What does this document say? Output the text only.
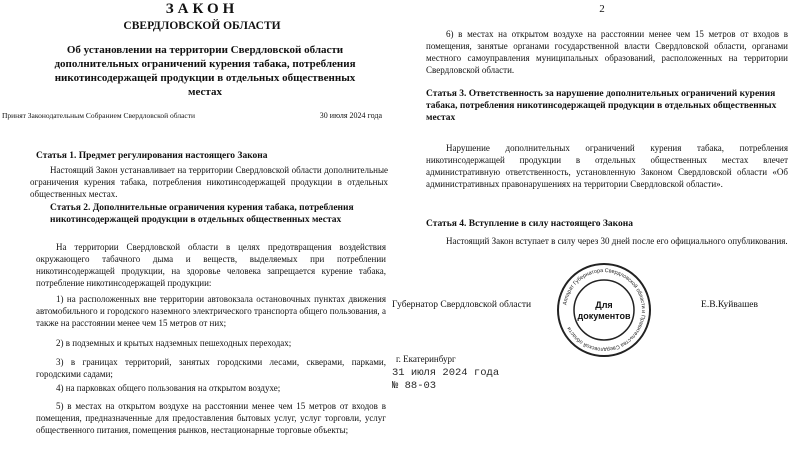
ЗАКОН
СВЕРДЛОВСКОЙ ОБЛАСТИ
Об установлении на территории Свердловской области дополнительных ограничений курения табака, потребления никотинсодержащей продукции в отдельных общественных местах
Принят Законодательным Собранием Свердловской области	30 июля 2024 года
Статья 1. Предмет регулирования настоящего Закона
Настоящий Закон устанавливает на территории Свердловской области дополнительные ограничения курения табака, потребления никотинсодержащей продукции в отдельных общественных местах.
Статья 2. Дополнительные ограничения курения табака, потребления никотинсодержащей продукции в отдельных общественных местах
На территории Свердловской области в целях предотвращения воздействия окружающего табачного дыма и веществ, выделяемых при потреблении никотинсодержащей продукции, на здоровье человека запрещается курение табака, потребление никотинсодержащей продукции:
1) на расположенных вне территории автовокзала остановочных пунктах движения автомобильного и городского наземного электрического транспорта общего пользования, а также на расстоянии менее чем 15 метров от них;
2) в подземных и крытых надземных пешеходных переходах;
3) в границах территорий, занятых городскими лесами, скверами, парками, городскими садами;
4) на парковках общего пользования на открытом воздухе;
5) в местах на открытом воздухе на расстоянии менее чем 15 метров от входов в помещения, предназначенные для предоставления бытовых услуг, услуг торговли, услуг общественного питания, помещения рынков, нестационарные торговые объекты;
2
6) в местах на открытом воздухе на расстоянии менее чем 15 метров от входов в помещения, занятые органами государственной власти Свердловской области, органами местного самоуправления муниципальных образований, расположенных на территории Свердловской области.
Статья 3. Ответственность за нарушение дополнительных ограничений курения табака, потребления никотинсодержащей продукции в отдельных общественных местах
Нарушение дополнительных ограничений курения табака, потребления никотинсодержащей продукции в отдельных общественных местах влечет административную ответственность, установленную Законом Свердловской области «Об административных правонарушениях на территории Свердловской области».
Статья 4. Вступление в силу настоящего Закона
Настоящий Закон вступает в силу через 30 дней после его официального опубликования.
Аппарат Губернатора Свердловской области и Правительства Свердловской области
Для
документов
Губернатор Свердловской области	Е.В.Куйвашев
г. Екатеринбург
31 июля 2024 года
№ 88-03
